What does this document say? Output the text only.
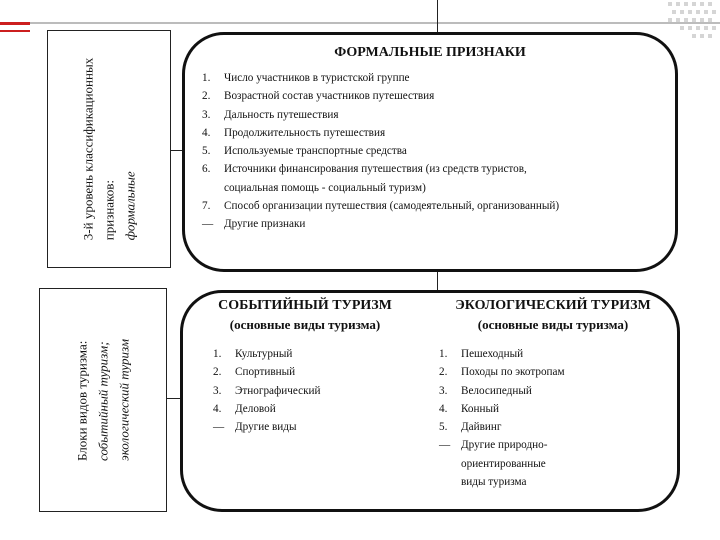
3-й уровень классификационных признаков: формальные
Блоки видов туризма: событийный туризм; экологический туризм
ФОРМАЛЬНЫЕ ПРИЗНАКИ
1.	Число участников в туристской группе
2.	Возрастной состав участников путешествия
3.	Дальность путешествия
4.	Продолжительность путешествия
5.	Используемые транспортные средства
6.	Источники финансирования путешествия (из средств туристов,
социальная помощь - социальный туризм)
7.	Способ организации путешествия (самодеятельный, организованный)
— Другие признаки
СОБЫТИЙНЫЙ ТУРИЗМ
(основные виды туризма)
1.	Культурный
2.	Спортивный
3.	Этнографический
4.	Деловой
— Другие виды
ЭКОЛОГИЧЕСКИЙ ТУРИЗМ
(основные виды туризма)
1.	Пешеходный
2.	Походы по экотропам
3.	Велосипедный
4.	Конный
5.	Дайвинг
— Другие природно-
ориентированные
виды туризма
